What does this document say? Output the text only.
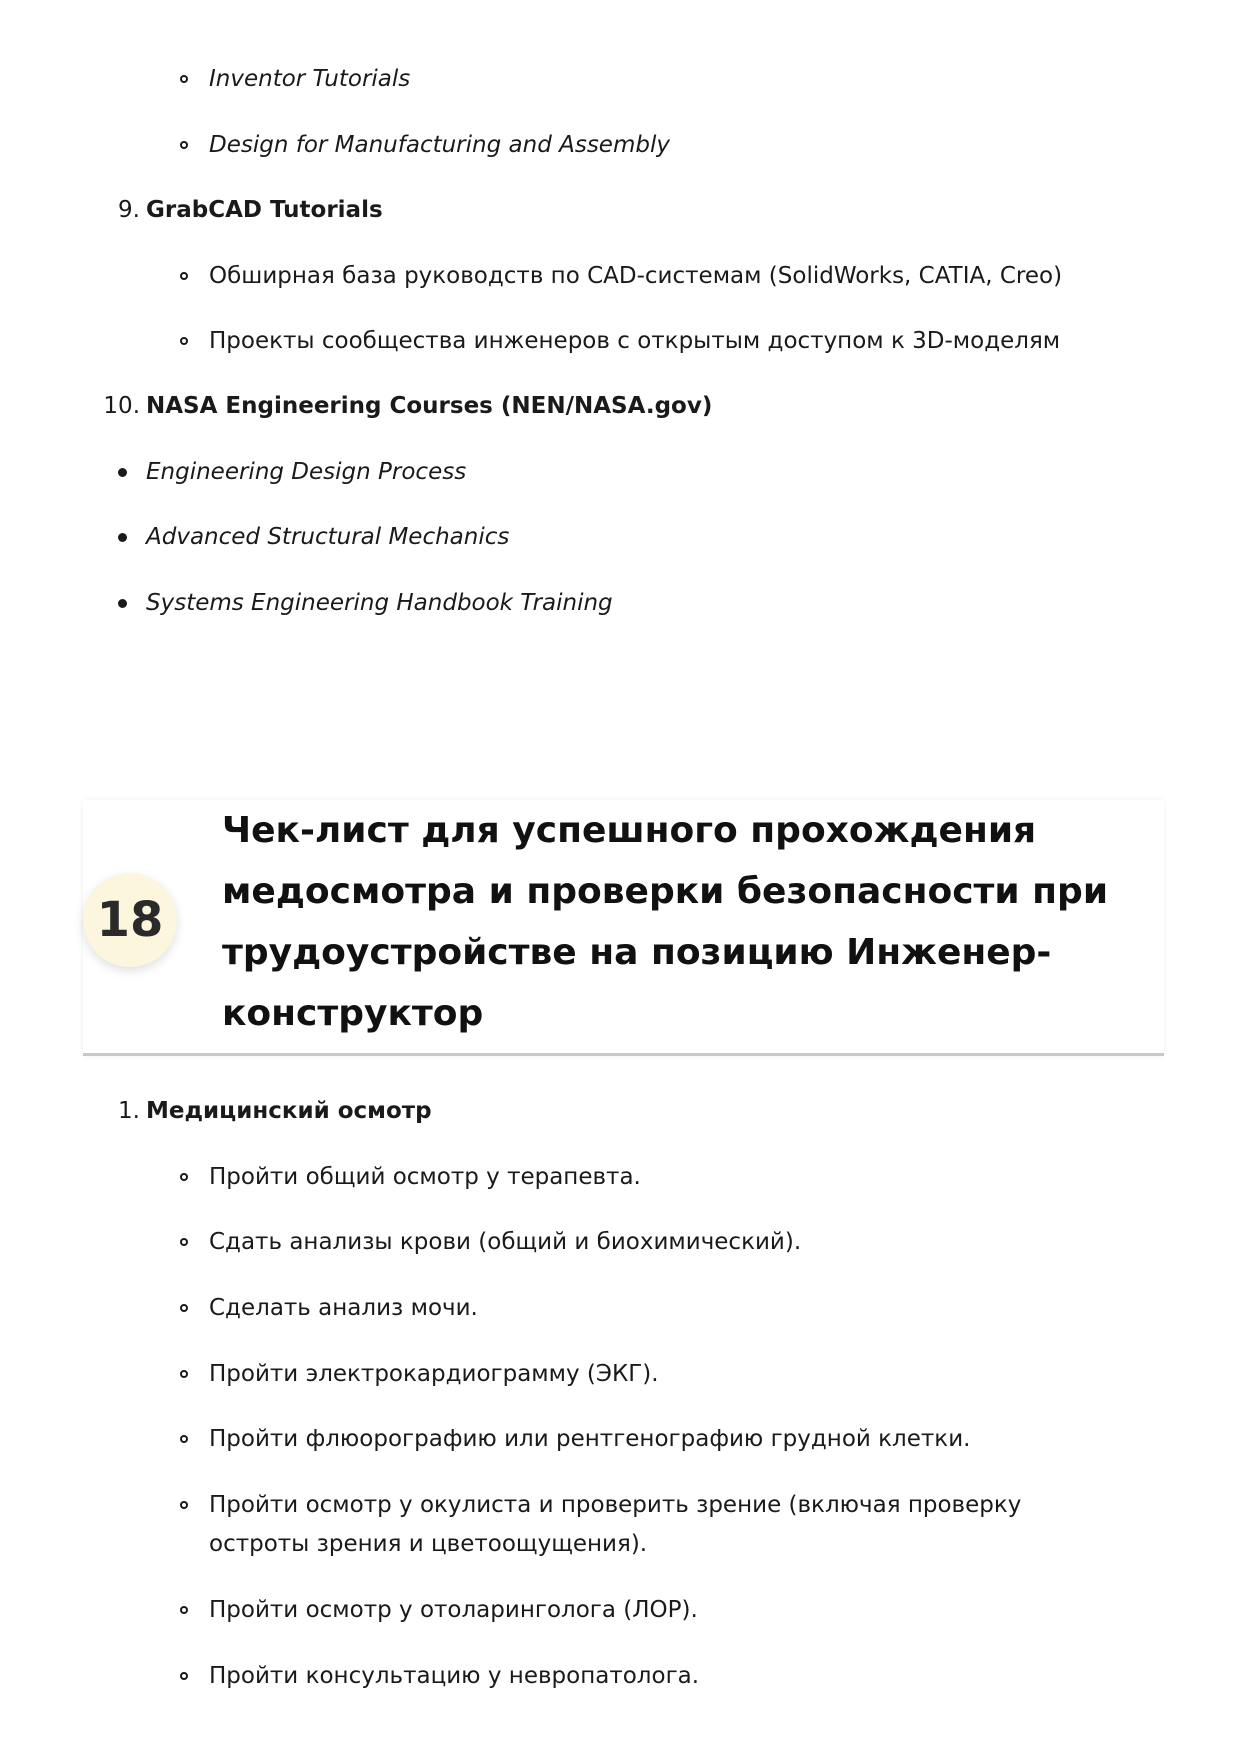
Inventor Tutorials
Design for Manufacturing and Assembly
9. GrabCAD Tutorials
Обширная база руководств по CAD-системам (SolidWorks, CATIA, Creo)
Проекты сообщества инженеров с открытым доступом к 3D-моделям
10. NASA Engineering Courses (NEN/NASA.gov)
Engineering Design Process
Advanced Structural Mechanics
Systems Engineering Handbook Training
18
Чек-лист для успешного прохождения медосмотра и проверки безопасности при трудоустройстве на позицию Инженер-конструктор
1. Медицинский осмотр
Пройти общий осмотр у терапевта.
Сдать анализы крови (общий и биохимический).
Сделать анализ мочи.
Пройти электрокардиограмму (ЭКГ).
Пройти флюорографию или рентгенографию грудной клетки.
Пройти осмотр у окулиста и проверить зрение (включая проверку остроты зрения и цветоощущения).
Пройти осмотр у отоларинголога (ЛОР).
Пройти консультацию у невропатолога.
